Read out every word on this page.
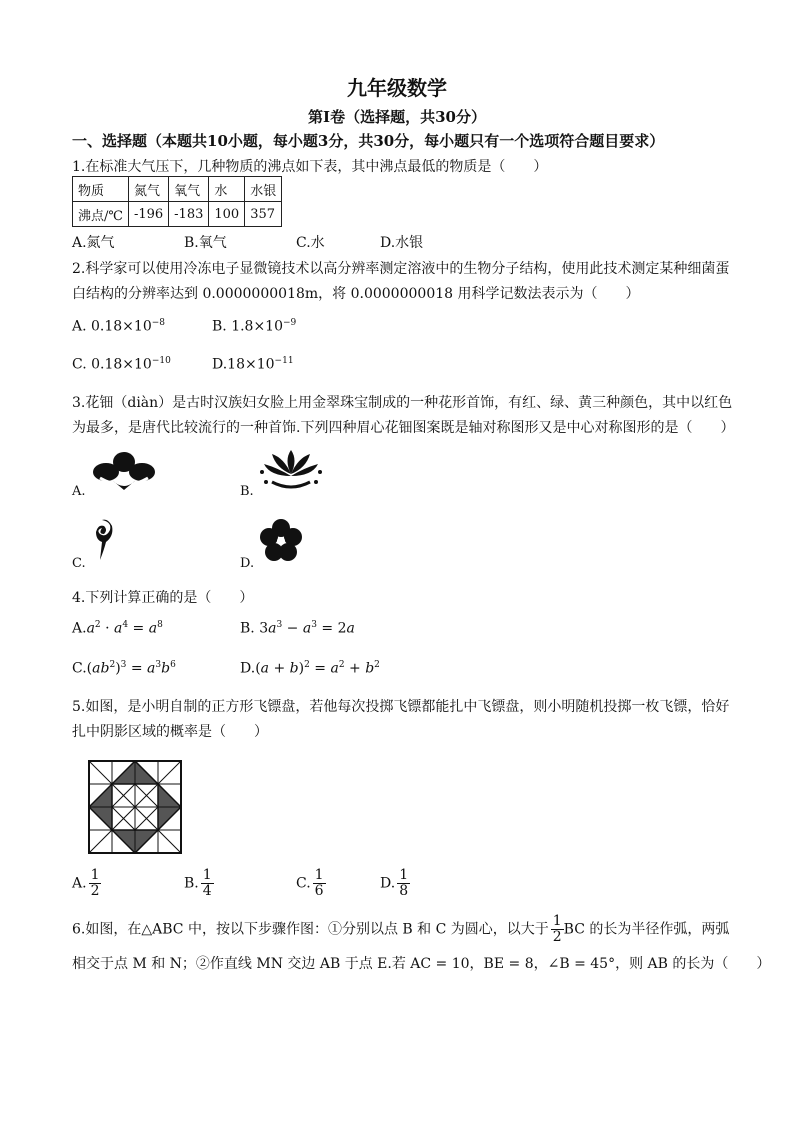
九年级数学
第Ⅰ卷（选择题，共30分）
一、选择题（本题共10小题，每小题3分，共30分，每小题只有一个选项符合题目要求）
1.在标准大气压下，几种物质的沸点如下表，其中沸点最低的物质是（　　）
物质	氮气	氧气	水	水银
沸点/℃	-196	-183	100	357
A.氮气	B.氧气	C.水	D.水银
2.科学家可以使用冷冻电子显微镜技术以高分辨率测定溶液中的生物分子结构，使用此技术测定某种细菌蛋
白结构的分辨率达到 0.0000000018m，将 0.0000000018 用科学记数法表示为（　　）
A. $0.18\times 10^{-8}$	B. $1.8\times 10^{-9}$
C. $0.18\times 10^{-10}$	$D.18\times 10^{-11}$
3.花钿（diàn）是古时汉族妇女脸上用金翠珠宝制成的一种花形首饰，有红、绿、黄三种颜色，其中以红色
为最多，是唐代比较流行的一种首饰.下列四种眉心花钿图案既是轴对称图形又是中心对称图形的是（　　）
A.	B.
C.	D.
4.下列计算正确的是（　　）
$A.a^2 \cdot a^4 = a^8$	B. $3a^3 - a^3 = 2a$
$C.(ab^2)^3 = a^3b^6$	$D.(a + b)^2 = a^2 + b^2$
5.如图，是小明自制的正方形飞镖盘，若他每次投掷飞镖都能扎中飞镖盘，则小明随机投掷一枚飞镖，恰好
扎中阴影区域的概率是（　　）
A. $\frac{1}{2}$	B. $\frac{1}{4}$	C. $\frac{1}{6}$	D. $\frac{1}{8}$
6.如图，在△ABC 中，按以下步骤作图：①分别以点 B 和 C 为圆心，以大于 $\frac{1}{2}$ BC 的长为半径作弧，两弧
相交于点 M 和 N；②作直线 MN 交边 AB 于点 E.若 AC = 10，BE = 8，∠B = 45°，则 AB 的长为（　　）
